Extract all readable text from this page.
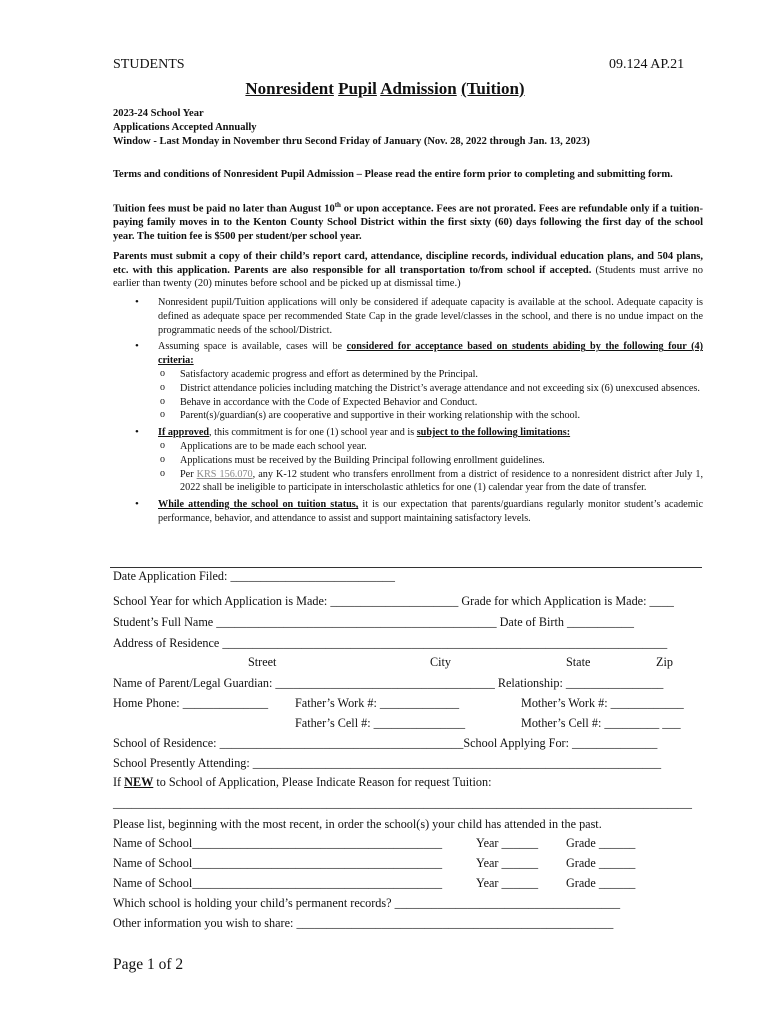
STUDENTS	09.124 AP.21
Nonresident Pupil Admission (Tuition)
2023-24 School Year
Applications Accepted Annually
Window - Last Monday in November thru Second Friday of January (Nov. 28, 2022 through Jan. 13, 2023)
Terms and conditions of Nonresident Pupil Admission – Please read the entire form prior to completing and submitting form.
Tuition fees must be paid no later than August 10th or upon acceptance. Fees are not prorated. Fees are refundable only if a tuition-paying family moves in to the Kenton County School District within the first sixty (60) days following the first day of the school year. The tuition fee is $500 per student/per school year.
Parents must submit a copy of their child’s report card, attendance, discipline records, individual education plans, and 504 plans, etc. with this application. Parents are also responsible for all transportation to/from school if accepted. (Students must arrive no earlier than twenty (20) minutes before school and be picked up at dismissal time.)
• Nonresident pupil/Tuition applications will only be considered if adequate capacity is available at the school. Adequate capacity is defined as adequate space per recommended State Cap in the grade level/classes in the school, and there is no undue impact on the programmatic needs of the school/District.
• Assuming space is available, cases will be considered for acceptance based on students abiding by the following four (4) criteria:
o Satisfactory academic progress and effort as determined by the Principal.
o District attendance policies including matching the District’s average attendance and not exceeding six (6) unexcused absences.
o Behave in accordance with the Code of Expected Behavior and Conduct.
o Parent(s)/guardian(s) are cooperative and supportive in their working relationship with the school.
• If approved, this commitment is for one (1) school year and is subject to the following limitations:
o Applications are to be made each school year.
o Applications must be received by the Building Principal following enrollment guidelines.
o Per KRS 156.070, any K-12 student who transfers enrollment from a district of residence to a nonresident district after July 1, 2022 shall be ineligible to participate in interscholastic athletics for one (1) calendar year from the date of transfer.
• While attending the school on tuition status, it is our expectation that parents/guardians regularly monitor student’s academic performance, behavior, and attendance to assist and support maintaining satisfactory levels.
Date Application Filed: ___________________________
School Year for which Application is Made: _____________________ Grade for which Application is Made: ____
Student’s Full Name ______________________________________________ Date of Birth ___________
Address of Residence _________________________________________________________________________
Street	City	State	Zip
Name of Parent/Legal Guardian: ____________________________________ Relationship: ________________
Home Phone: ______________ Father’s Work #: _____________	Mother’s Work #: ____________
Father’s Cell #: _______________	Mother’s Cell #: _________ ___
School of Residence: ________________________________________School Applying For: ______________
School Presently Attending: ___________________________________________________________________
If NEW to School of Application, Please Indicate Reason for request Tuition:
_______________________________________________________________________________________________
Please list, beginning with the most recent, in order the school(s) your child has attended in the past.
Name of School_________________________________________	Year ______ Grade ______
Name of School_________________________________________	Year ______ Grade ______
Name of School_________________________________________	Year ______ Grade ______
Which school is holding your child’s permanent records? _____________________________________
Other information you wish to share: ____________________________________________________
Page 1 of 2
